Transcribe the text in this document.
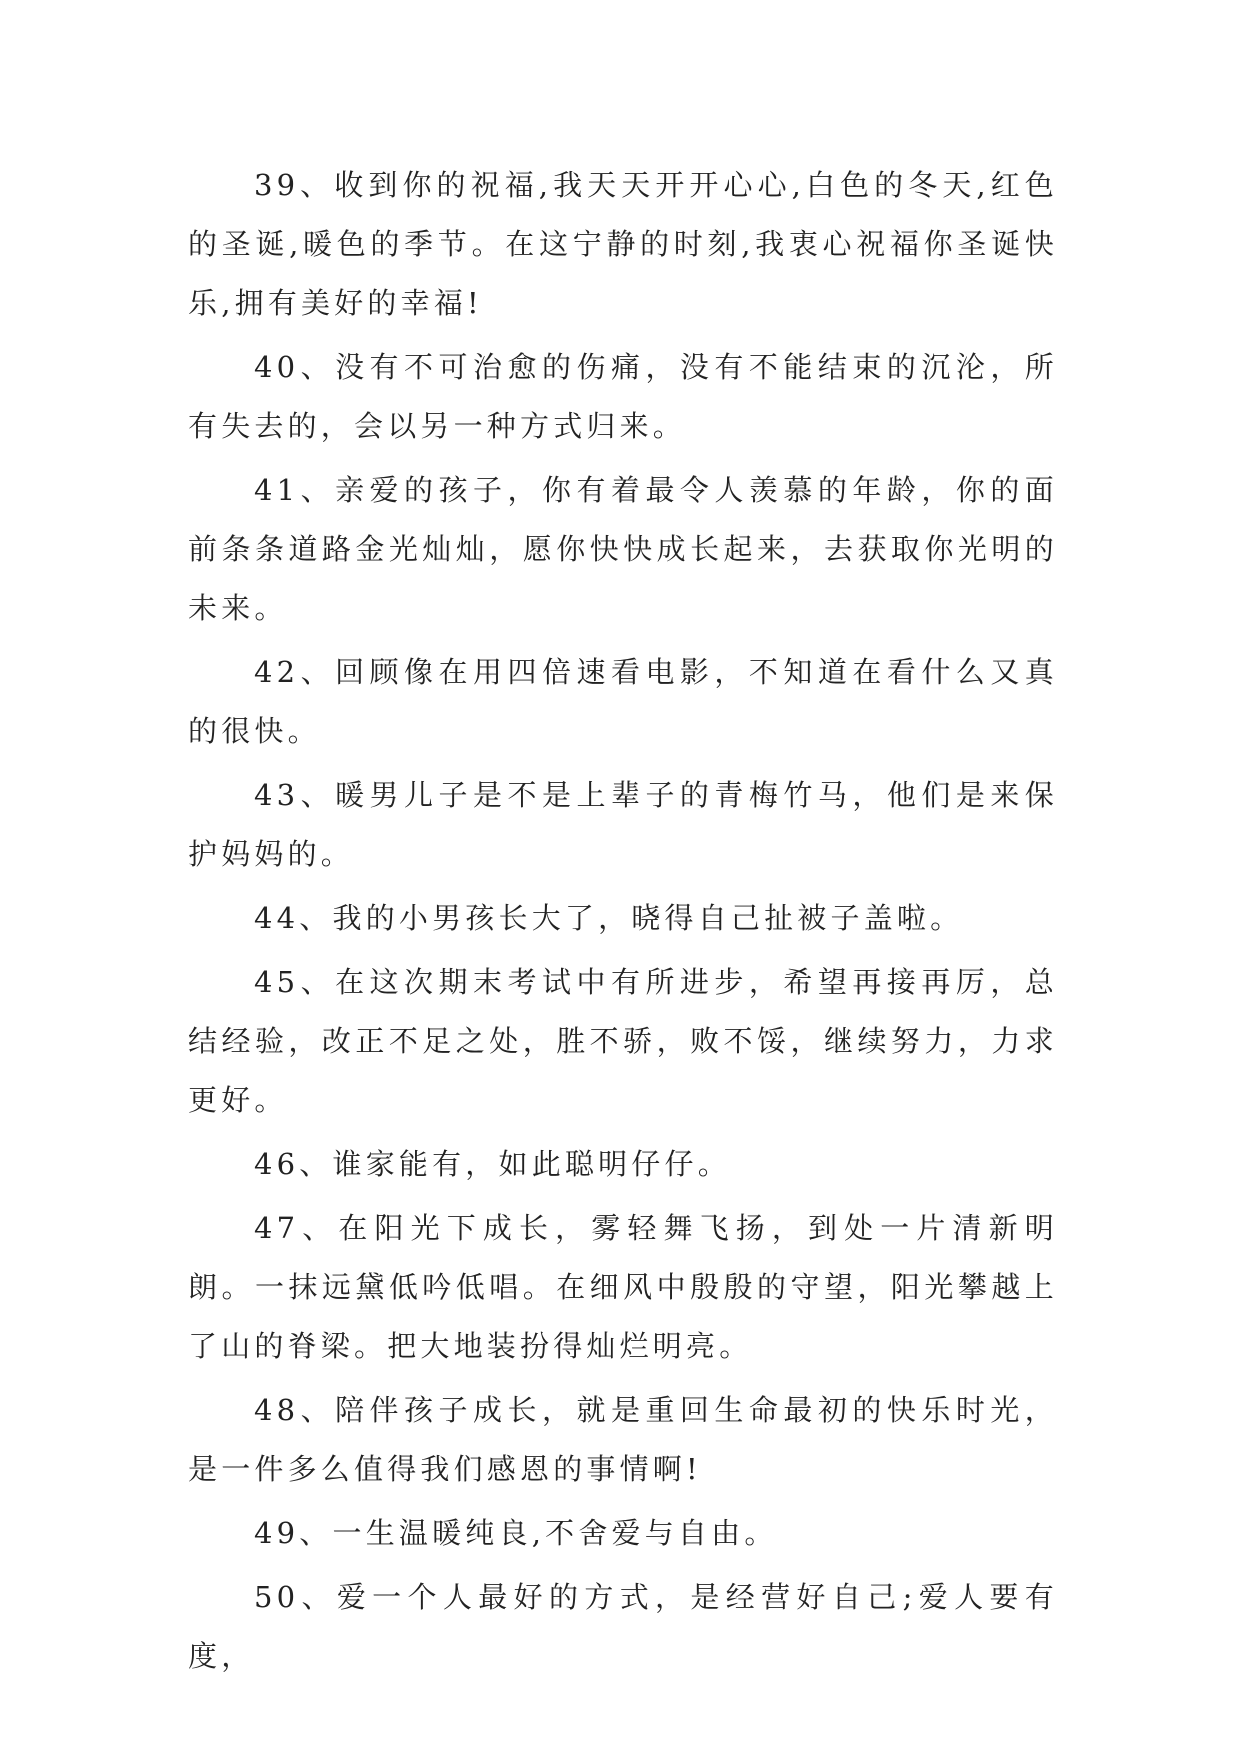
39、收到你的祝福,我天天开开心心,白色的冬天,红色的圣诞,暖色的季节。在这宁静的时刻,我衷心祝福你圣诞快乐,拥有美好的幸福!

40、没有不可治愈的伤痛，没有不能结束的沉沦，所有失去的，会以另一种方式归来。

41、亲爱的孩子，你有着最令人羡慕的年龄，你的面前条条道路金光灿灿，愿你快快成长起来，去获取你光明的未来。

42、回顾像在用四倍速看电影，不知道在看什么又真的很快。

43、暖男儿子是不是上辈子的青梅竹马，他们是来保护妈妈的。

44、我的小男孩长大了，晓得自己扯被子盖啦。

45、在这次期末考试中有所进步，希望再接再厉，总结经验，改正不足之处，胜不骄，败不馁，继续努力，力求更好。

46、谁家能有，如此聪明仔仔。

47、在阳光下成长，雾轻舞飞扬，到处一片清新明朗。一抹远黛低吟低唱。在细风中殷殷的守望，阳光攀越上了山的脊梁。把大地装扮得灿烂明亮。

48、陪伴孩子成长，就是重回生命最初的快乐时光，是一件多么值得我们感恩的事情啊!

49、一生温暖纯良,不舍爱与自由。

50、爱一个人最好的方式，是经营好自己;爱人要有度，
